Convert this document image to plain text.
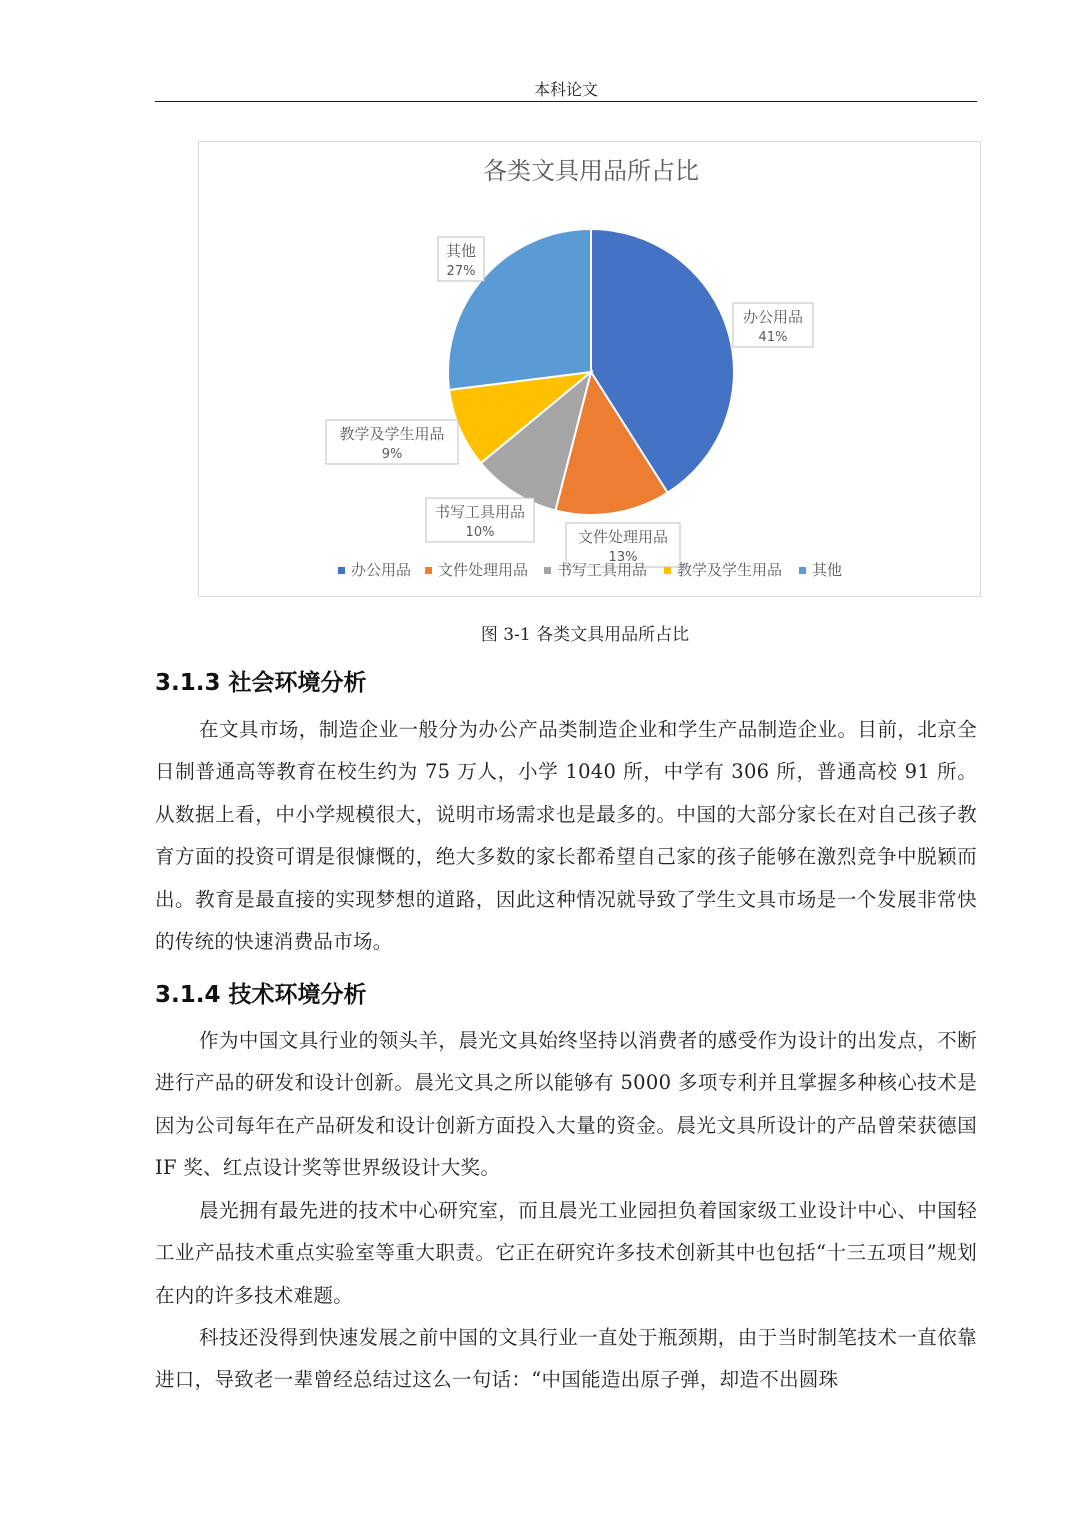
本科论文
各类文具用品所占比
办公用品
41%
文件处理用品
13%
书写工具用品
10%
教学及学生用品
9%
其他
27%
办公用品 文件处理用品 书写工具用品 教学及学生用品 其他
图 3-1 各类文具用品所占比
3.1.3 社会环境分析

在文具市场，制造企业一般分为办公产品类制造企业和学生产品制造企业。目前，北京全日制普通高等教育在校生约为 75 万人，小学 1040 所，中学有 306 所，普通高校 91 所。从数据上看，中小学规模很大，说明市场需求也是最多的。中国的大部分家长在对自己孩子教育方面的投资可谓是很慷慨的，绝大多数的家长都希望自己家的孩子能够在激烈竞争中脱颖而出。教育是最直接的实现梦想的道路，因此这种情况就导致了学生文具市场是一个发展非常快的传统的快速消费品市场。

3.1.4 技术环境分析

作为中国文具行业的领头羊，晨光文具始终坚持以消费者的感受作为设计的出发点，不断进行产品的研发和设计创新。晨光文具之所以能够有 5000 多项专利并且掌握多种核心技术是因为公司每年在产品研发和设计创新方面投入大量的资金。晨光文具所设计的产品曾荣获德国 IF 奖、红点设计奖等世界级设计大奖。

晨光拥有最先进的技术中心研究室，而且晨光工业园担负着国家级工业设计中心、中国轻工业产品技术重点实验室等重大职责。它正在研究许多技术创新其中也包括“十三五项目”规划在内的许多技术难题。

科技还没得到快速发展之前中国的文具行业一直处于瓶颈期，由于当时制笔技术一直依靠进口，导致老一辈曾经总结过这么一句话：“中国能造出原子弹，却造不出圆珠
